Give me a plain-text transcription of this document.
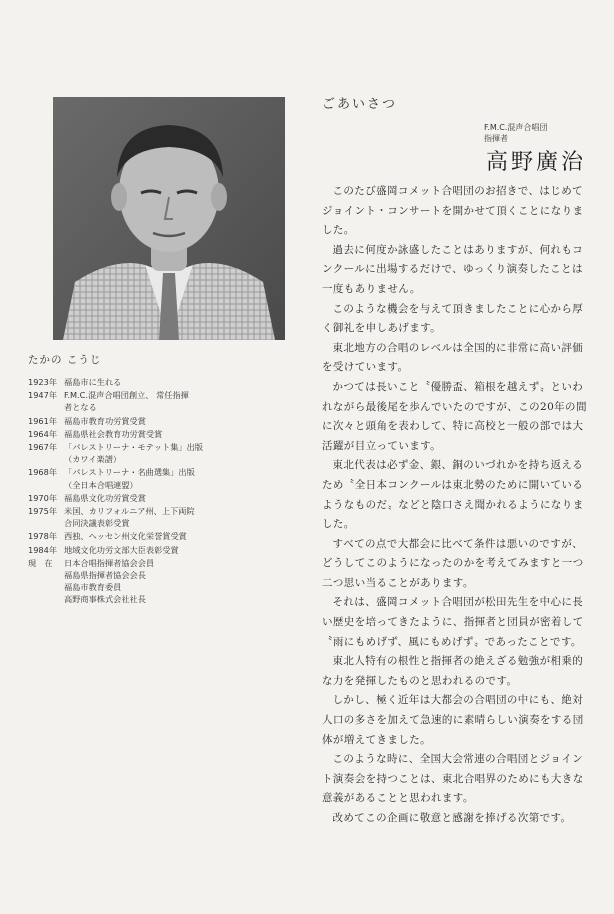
たかの こうじ

1923年 福島市に生れる
1947年 F.M.C.混声合唱団創立、 常任指揮
者となる
1961年 福島市教育功労賞受賞
1964年 福島県社会教育功労賞受賞
1967年 「パレストリーナ・モテット集」出版
（カワイ楽譜）
1968年 「パレストリーナ・名曲選集」出版
（全日本合唱連盟）
1970年 福島県文化功労賞受賞
1975年 米国、カリフォルニア州、上下両院
合同決議表彰受賞
1978年 西独、ヘッセン州文化栄誉賞受賞
1984年 地域文化功労文部大臣表彰受賞
現　在	日本合唱指揮者協会会員
福島県指揮者協会会長
福島市教育委員
高野商事株式会社社長
ごあいさつ

F.M.C.混声合唱団
指揮者

高野廣治

このたび盛岡コメット合唱団のお招きで、はじめてジョイント・コンサートを開かせて頂くことになりました。

過去に何度か詠盛したことはありますが、何れもコンクールに出場するだけで、ゆっくり演奏したことは一度もありません。

このような機会を与えて頂きましたことに心から厚く御礼を申しあげます。

東北地方の合唱のレベルは全国的に非常に高い評価を受けています。

かつては長いこと〝優勝盃、箱根を越えず〟といわれながら最後尾を歩んでいたのですが、この20年の間に次々と頭角を表わして、特に高校と一般の部では大活躍が目立っています。

東北代表は必ず金、銀、銅のいづれかを持ち返えるため〝全日本コンクールは東北勢のために開いているようなものだ〟などと陰口さえ聞かれるようになりました。

すべての点で大都会に比べて条件は悪いのですが、どうしてこのようになったのかを考えてみますと一つ二つ思い当ることがあります。

それは、盛岡コメット合唱団が松田先生を中心に長い歴史を培ってきたように、指揮者と団員が密着して〝雨にもめげず、風にもめげず〟であったことです。

東北人特有の根性と指揮者の絶えざる勉強が相乗的な力を発揮したものと思われるのです。

しかし、極く近年は大都会の合唱団の中にも、絶対人口の多さを加えて急速的に素晴らしい演奏をする団体が増えてきました。

このような時に、全国大会常連の合唱団とジョイント演奏会を持つことは、東北合唱界のためにも大きな意義があることと思われます。

改めてこの企画に敬意と感謝を捧げる次第です。
